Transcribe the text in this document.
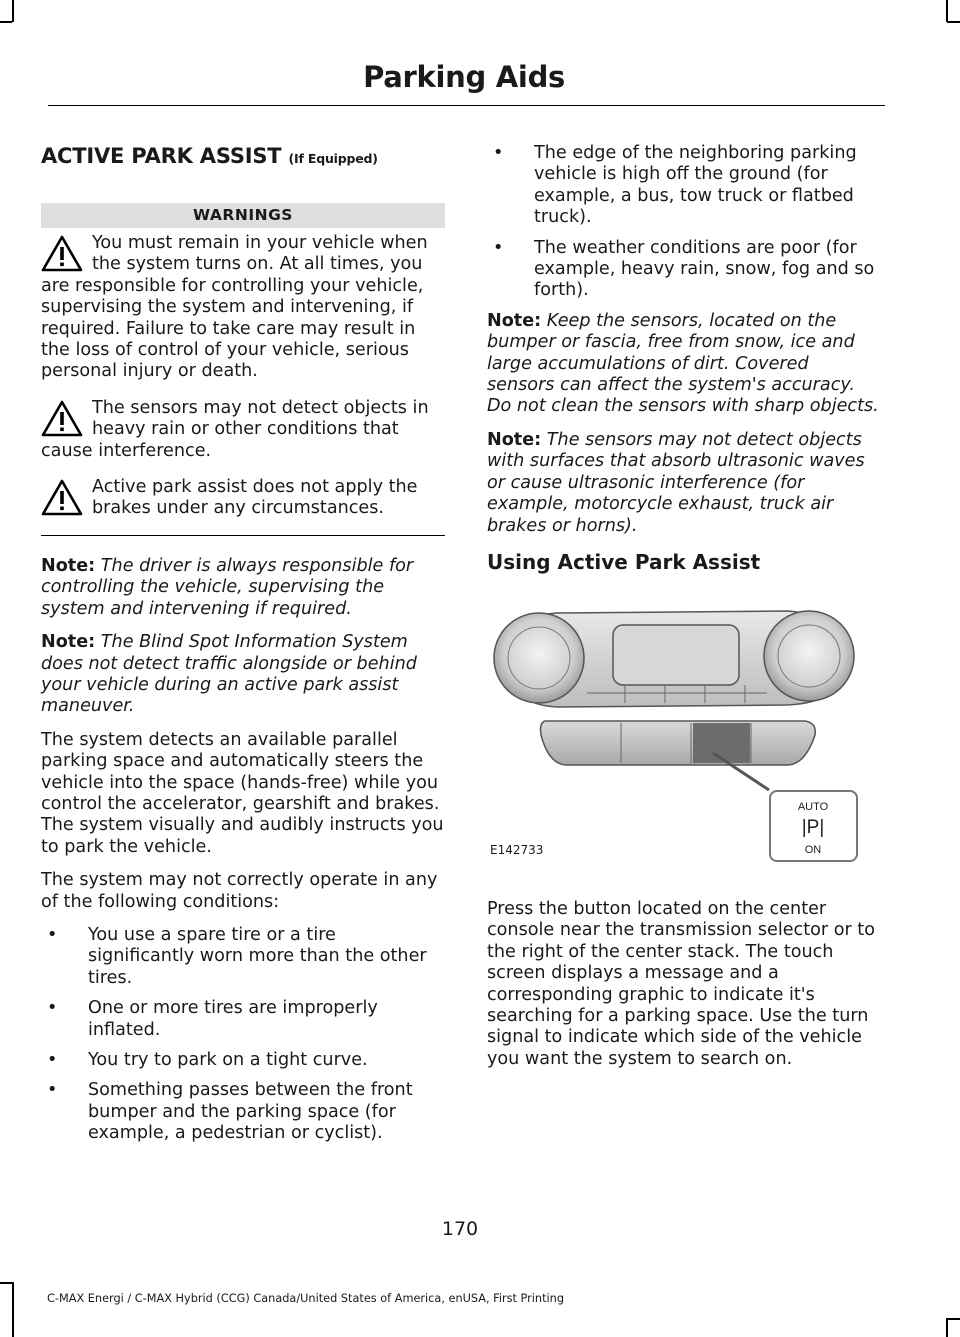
Parking Aids
ACTIVE PARK ASSIST (If Equipped)
WARNINGS
You must remain in your vehicle when the system turns on. At all times, you are responsible for controlling your vehicle, supervising the system and intervening, if required. Failure to take care may result in the loss of control of your vehicle, serious personal injury or death.
The sensors may not detect objects in heavy rain or other conditions that cause interference.
Active park assist does not apply the brakes under any circumstances.

Note: The driver is always responsible for controlling the vehicle, supervising the system and intervening if required.

Note: The Blind Spot Information System does not detect traffic alongside or behind your vehicle during an active park assist maneuver.

The system detects an available parallel parking space and automatically steers the vehicle into the space (hands-free) while you control the accelerator, gearshift and brakes. The system visually and audibly instructs you to park the vehicle.

The system may not correctly operate in any of the following conditions:

• You use a spare tire or a tire significantly worn more than the other tires.
• One or more tires are improperly inflated.
• You try to park on a tight curve.
• Something passes between the front bumper and the parking space (for example, a pedestrian or cyclist).
• The edge of the neighboring parking vehicle is high off the ground (for example, a bus, tow truck or flatbed truck).
• The weather conditions are poor (for example, heavy rain, snow, fog and so forth).

Note: Keep the sensors, located on the bumper or fascia, free from snow, ice and large accumulations of dirt. Covered sensors can affect the system's accuracy. Do not clean the sensors with sharp objects.

Note: The sensors may not detect objects with surfaces that absorb ultrasonic waves or cause ultrasonic interference (for example, motorcycle exhaust, truck air brakes or horns).

Using Active Park Assist
AUTO
|P|
ON
E142733

Press the button located on the center console near the transmission selector or to the right of the center stack. The touch screen displays a message and a corresponding graphic to indicate it's searching for a parking space. Use the turn signal to indicate which side of the vehicle you want the system to search on.

170
C-MAX Energi / C-MAX Hybrid (CCG) Canada/United States of America, enUSA, First Printing
